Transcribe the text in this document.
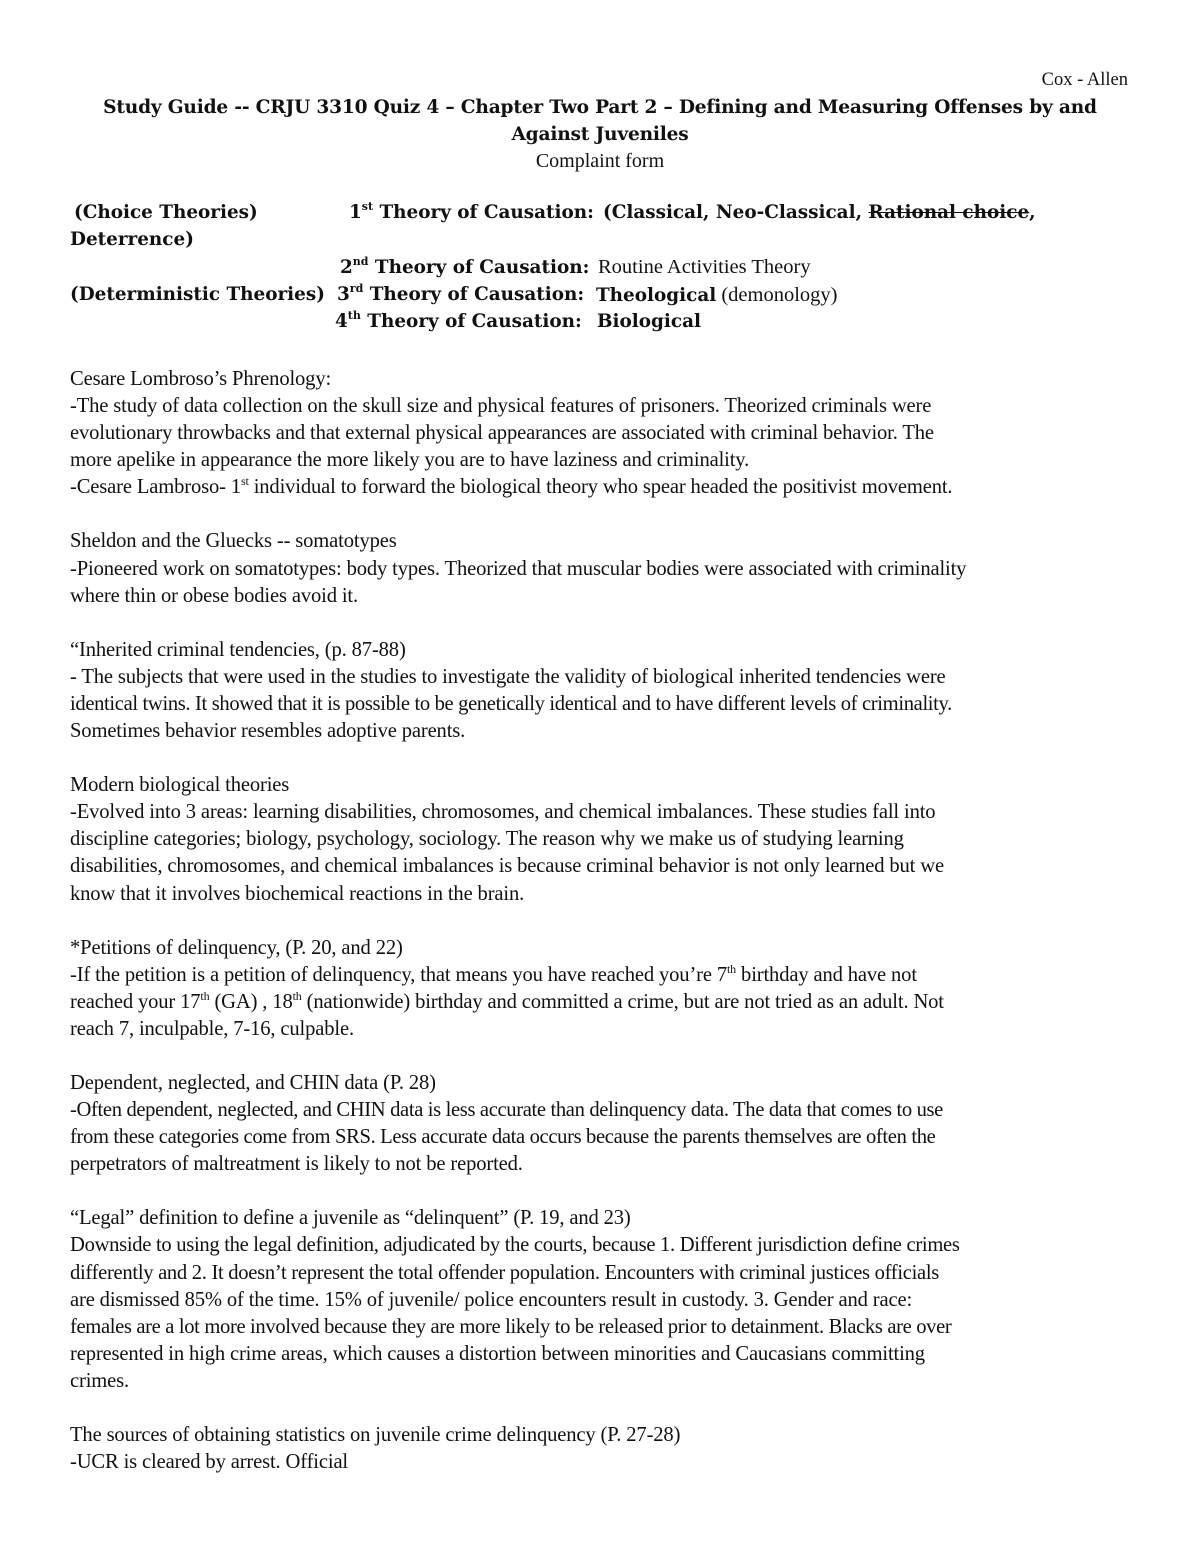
Cox - Allen
Study Guide -- CRJU 3310 Quiz 4 – Chapter Two Part 2 – Defining and Measuring Offenses by and
Against Juveniles
Complaint form
(Choice Theories)	1st Theory of Causation: (Classical, Neo-Classical, Rational choice,
Deterrence)
2nd Theory of Causation: Routine Activities Theory
(Deterministic Theories) 3rd Theory of Causation: Theological (demonology)
4th Theory of Causation: Biological

Cesare Lombroso’s Phrenology:
-The study of data collection on the skull size and physical features of prisoners. Theorized criminals were
evolutionary throwbacks and that external physical appearances are associated with criminal behavior. The
more apelike in appearance the more likely you are to have laziness and criminality.
-Cesare Lambroso- 1st individual to forward the biological theory who spear headed the positivist movement.

Sheldon and the Gluecks -- somatotypes
-Pioneered work on somatotypes: body types. Theorized that muscular bodies were associated with criminality
where thin or obese bodies avoid it.

“Inherited criminal tendencies, (p. 87-88)
- The subjects that were used in the studies to investigate the validity of biological inherited tendencies were
identical twins. It showed that it is possible to be genetically identical and to have different levels of criminality.
Sometimes behavior resembles adoptive parents.

Modern biological theories
-Evolved into 3 areas: learning disabilities, chromosomes, and chemical imbalances. These studies fall into
discipline categories; biology, psychology, sociology. The reason why we make us of studying learning
disabilities, chromosomes, and chemical imbalances is because criminal behavior is not only learned but we
know that it involves biochemical reactions in the brain.

*Petitions of delinquency, (P. 20, and 22)
-If the petition is a petition of delinquency, that means you have reached you’re 7th birthday and have not
reached your 17th (GA) , 18th (nationwide) birthday and committed a crime, but are not tried as an adult. Not
reach 7, inculpable, 7-16, culpable.

Dependent, neglected, and CHIN data (P. 28)
-Often dependent, neglected, and CHIN data is less accurate than delinquency data. The data that comes to use
from these categories come from SRS. Less accurate data occurs because the parents themselves are often the
perpetrators of maltreatment is likely to not be reported.

“Legal” definition to define a juvenile as “delinquent” (P. 19, and 23)
Downside to using the legal definition, adjudicated by the courts, because 1. Different jurisdiction define crimes
differently and 2. It doesn’t represent the total offender population. Encounters with criminal justices officials
are dismissed 85% of the time. 15% of juvenile/ police encounters result in custody. 3. Gender and race:
females are a lot more involved because they are more likely to be released prior to detainment. Blacks are over
represented in high crime areas, which causes a distortion between minorities and Caucasians committing
crimes.

The sources of obtaining statistics on juvenile crime delinquency (P. 27-28)
-UCR is cleared by arrest. Official
